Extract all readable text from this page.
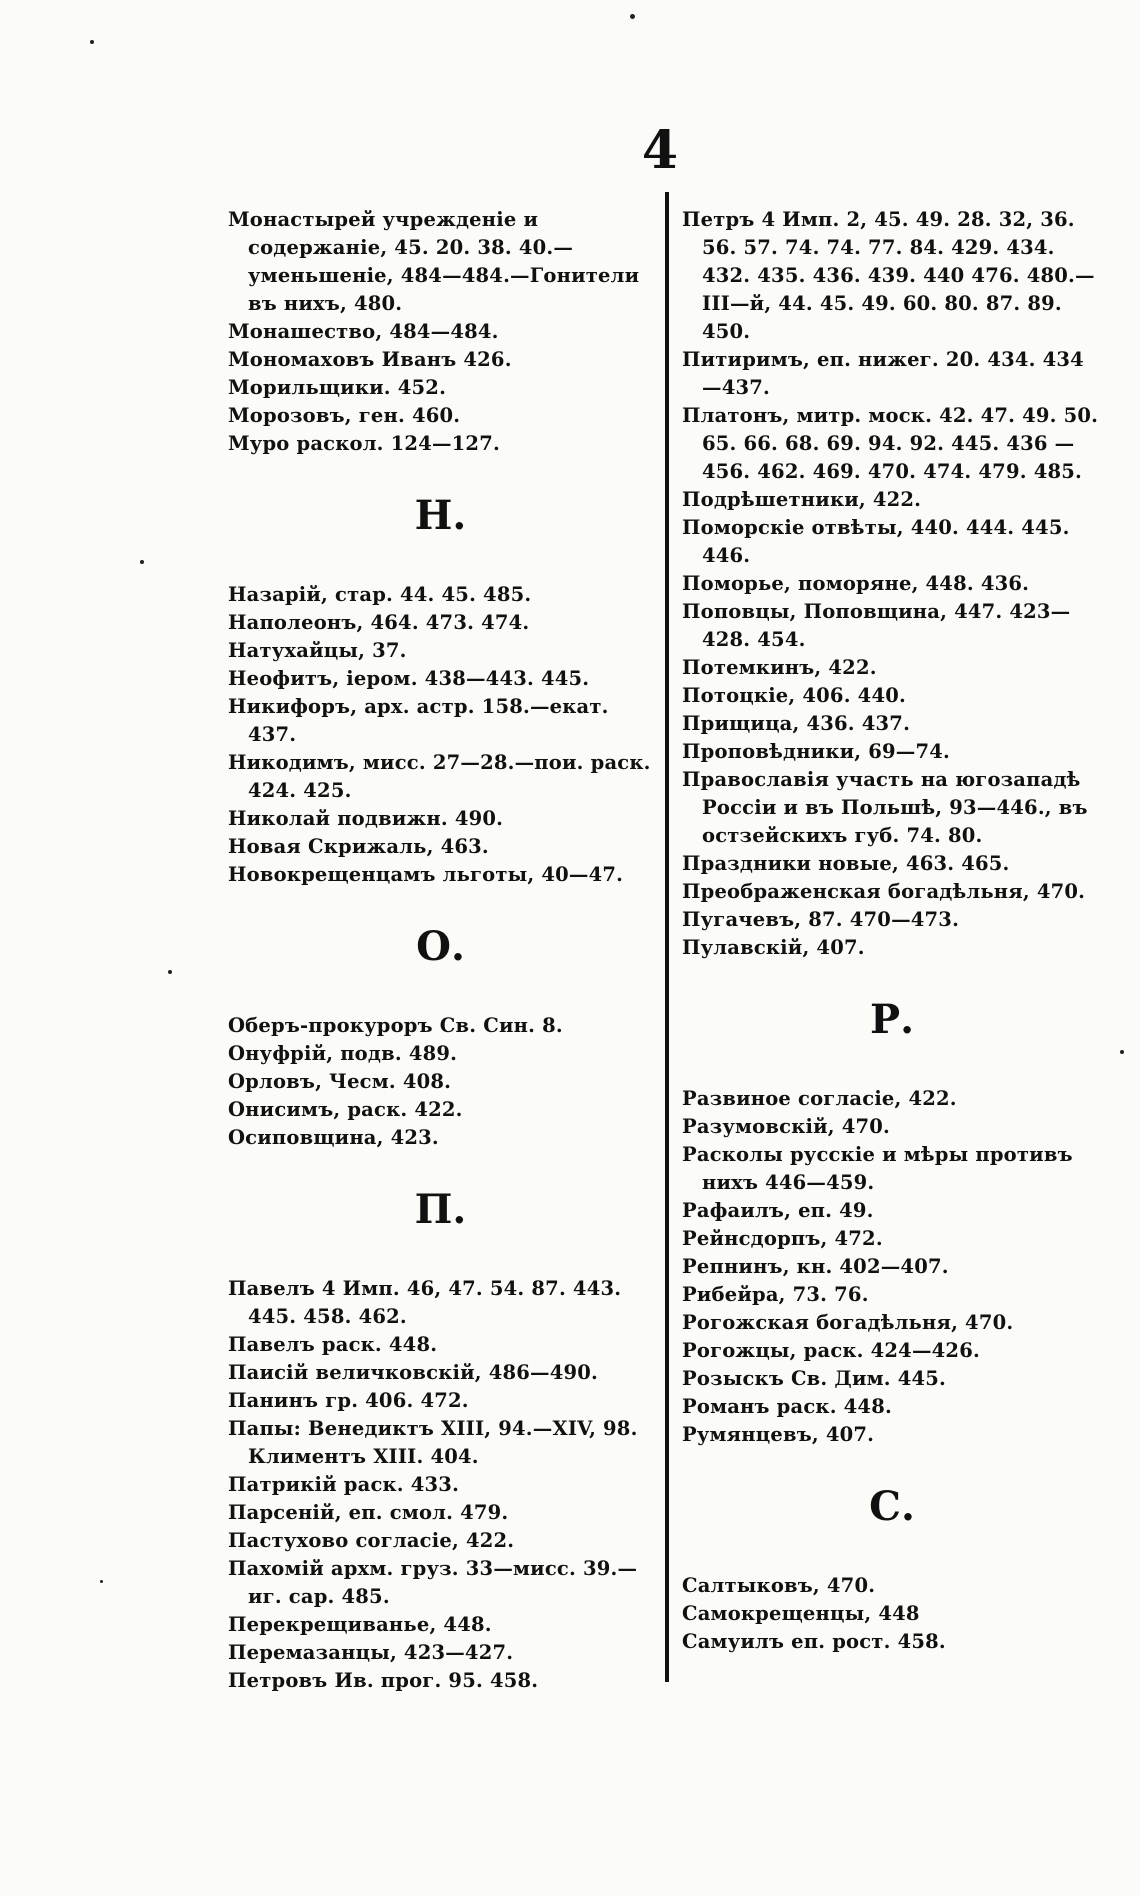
4
Монастырей учрежденіе и содержаніе, 45. 20. 38. 40.—уменьшеніе, 484—484.—Гонители въ нихъ, 480.
Монашество, 484—484.
Мономаховъ Иванъ 426.
Морильщики. 452.
Морозовъ, ген. 460.
Муро раскол. 124—127.
Н.
Назарій, стар. 44. 45. 485.
Наполеонъ, 464. 473. 474.
Натухайцы, 37.
Неофитъ, іером. 438—443. 445.
Никифоръ, арх. астр. 158.—екат. 437.
Никодимъ, мисс. 27—28.—пои. раск. 424. 425.
Николай подвижн. 490.
Новая Скрижаль, 463.
Новокрещенцамъ льготы, 40—47.
О.
Оберъ-прокуроръ Св. Син. 8.
Онуфрій, подв. 489.
Орловъ, Чесм. 408.
Онисимъ, раск. 422.
Осиповщина, 423.
П.
Павелъ 4 Имп. 46, 47. 54. 87. 443. 445. 458. 462.
Павелъ раск. 448.
Паисій величковскій, 486—490.
Панинъ гр. 406. 472.
Папы: Венедиктъ XIII, 94.—XIV, 98. Климентъ XIII. 404.
Патрикій раск. 433.
Парсеній, еп. смол. 479.
Пастухово согласіе, 422.
Пахомій архм. груз. 33—мисс. 39.—иг. сар. 485.
Перекрещиванье, 448.
Перемазанцы, 423—427.
Петровъ Ив. прог. 95. 458.
Петръ 4 Имп. 2, 45. 49. 28. 32, 36. 56. 57. 74. 74. 77. 84. 429. 434. 432. 435. 436. 439. 440 476. 480.—III—й, 44. 45. 49. 60. 80. 87. 89. 450.
Питиримъ, еп. нижег. 20. 434. 434—437.
Платонъ, митр. моск. 42. 47. 49. 50. 65. 66. 68. 69. 94. 92. 445. 436 — 456. 462. 469. 470. 474. 479. 485.
Подрѣшетники, 422.
Поморскіе отвѣты, 440. 444. 445. 446.
Поморье, поморяне, 448. 436.
Поповцы, Поповщина, 447. 423—428. 454.
Потемкинъ, 422.
Потоцкіе, 406. 440.
Прищица, 436. 437.
Проповѣдники, 69—74.
Православія участь на югозападѣ Россіи и въ Польшѣ, 93—446., въ остзейскихъ губ. 74. 80.
Праздники новые, 463. 465.
Преображенская богадѣльня, 470.
Пугачевъ, 87. 470—473.
Пулавскій, 407.
Р.
Развиное согласіе, 422.
Разумовскій, 470.
Расколы русскіе и мѣры противъ нихъ 446—459.
Рафаилъ, еп. 49.
Рейнсдорпъ, 472.
Репнинъ, кн. 402—407.
Рибейра, 73. 76.
Рогожская богадѣльня, 470.
Рогожцы, раск. 424—426.
Розыскъ Св. Дим. 445.
Романъ раск. 448.
Румянцевъ, 407.
С.
Салтыковъ, 470.
Самокрещенцы, 448
Самуилъ еп. рост. 458.
